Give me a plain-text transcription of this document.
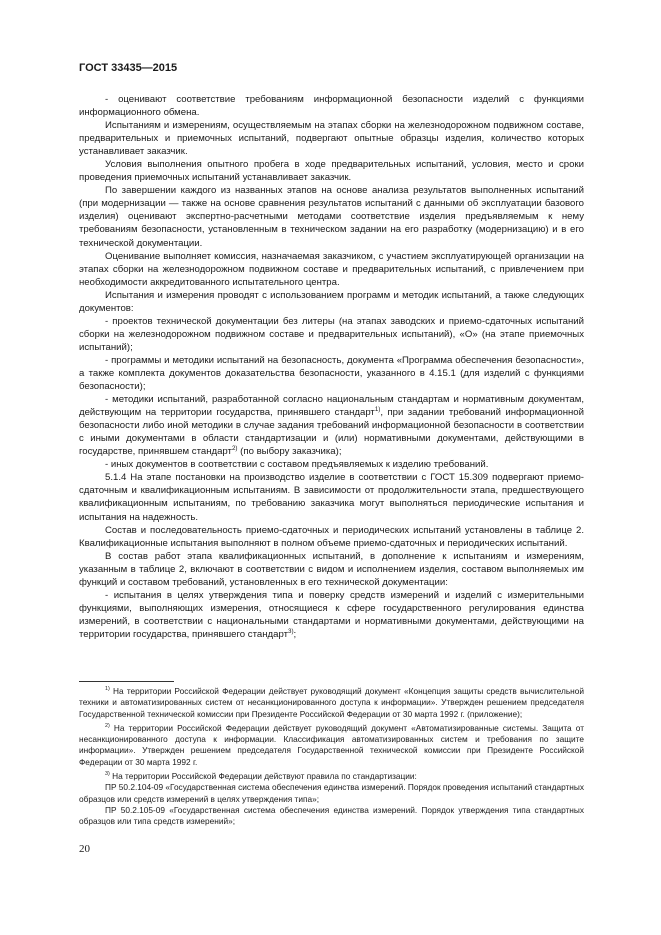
ГОСТ 33435—2015

- оценивают соответствие требованиям информационной безопасности изделий с функциями информационного обмена.

Испытаниям и измерениям, осуществляемым на этапах сборки на железнодорожном подвижном составе, предварительных и приемочных испытаний, подвергают опытные образцы изделия, количество которых устанавливает заказчик.

Условия выполнения опытного пробега в ходе предварительных испытаний, условия, место и сроки проведения приемочных испытаний устанавливает заказчик.

По завершении каждого из названных этапов на основе анализа результатов выполненных испытаний (при модернизации — также на основе сравнения результатов испытаний с данными об эксплуатации базового изделия) оценивают экспертно-расчетными методами соответствие изделия предъявляемым к нему требованиям безопасности, установленным в техническом задании на его разработку (модернизацию) и в его технической документации.

Оценивание выполняет комиссия, назначаемая заказчиком, с участием эксплуатирующей организации на этапах сборки на железнодорожном подвижном составе и предварительных испытаний, с привлечением при необходимости аккредитованного испытательного центра.

Испытания и измерения проводят с использованием программ и методик испытаний, а также следующих документов:

- проектов технической документации без литеры (на этапах заводских и приемо-сдаточных испытаний сборки на железнодорожном подвижном составе и предварительных испытаний), «О» (на этапе приемочных испытаний);

- программы и методики испытаний на безопасность, документа «Программа обеспечения безопасности», а также комплекта документов доказательства безопасности, указанного в 4.15.1 (для изделий с функциями безопасности);

- методики испытаний, разработанной согласно национальным стандартам и нормативным документам, действующим на территории государства, принявшего стандарт$^{1)}$, при задании требований информационной безопасности либо иной методики в случае задания требований информационной безопасности в соответствии с иными документами в области стандартизации и (или) нормативными документами, действующими в государстве, принявшем стандарт$^{2)}$ (по выбору заказчика);

- иных документов в соответствии с составом предъявляемых к изделию требований.

5.1.4 На этапе постановки на производство изделие в соответствии с ГОСТ 15.309 подвергают приемо-сдаточным и квалификационным испытаниям. В зависимости от продолжительности этапа, предшествующего квалификационным испытаниям, по требованию заказчика могут выполняться периодические испытания и испытания на надежность.

Состав и последовательность приемо-сдаточных и периодических испытаний установлены в таблице 2. Квалификационные испытания выполняют в полном объеме приемо-сдаточных и периодических испытаний.

В состав работ этапа квалификационных испытаний, в дополнение к испытаниям и измерениям, указанным в таблице 2, включают в соответствии с видом и исполнением изделия, составом выполняемых им функций и составом требований, установленных в его технической документации:

- испытания в целях утверждения типа и поверку средств измерений и изделий с измерительными функциями, выполняющих измерения, относящиеся к сфере государственного регулирования единства измерений, в соответствии с национальными стандартами и нормативными документами, действующими на территории государства, принявшего стандарт$^{3)}$;

$^{1)}$ На территории Российской Федерации действует руководящий документ «Концепция защиты средств вычислительной техники и автоматизированных систем от несанкционированного доступа к информации». Утвержден решением председателя Государственной технической комиссии при Президенте Российской Федерации от 30 марта 1992 г. (приложение);

$^{2)}$ На территории Российской Федерации действует руководящий документ «Автоматизированные системы. Защита от несанкционированного доступа к информации. Классификация автоматизированных систем и требования по защите информации». Утвержден решением председателя Государственной технической комиссии при Президенте Российской Федерации от 30 марта 1992 г.

$^{3)}$ На территории Российской Федерации действуют правила по стандартизации:

ПР 50.2.104-09 «Государственная система обеспечения единства измерений. Порядок проведения испытаний стандартных образцов или средств измерений в целях утверждения типа»;

ПР 50.2.105-09 «Государственная система обеспечения единства измерений. Порядок утверждения типа стандартных образцов или типа средств измерений»;

20
